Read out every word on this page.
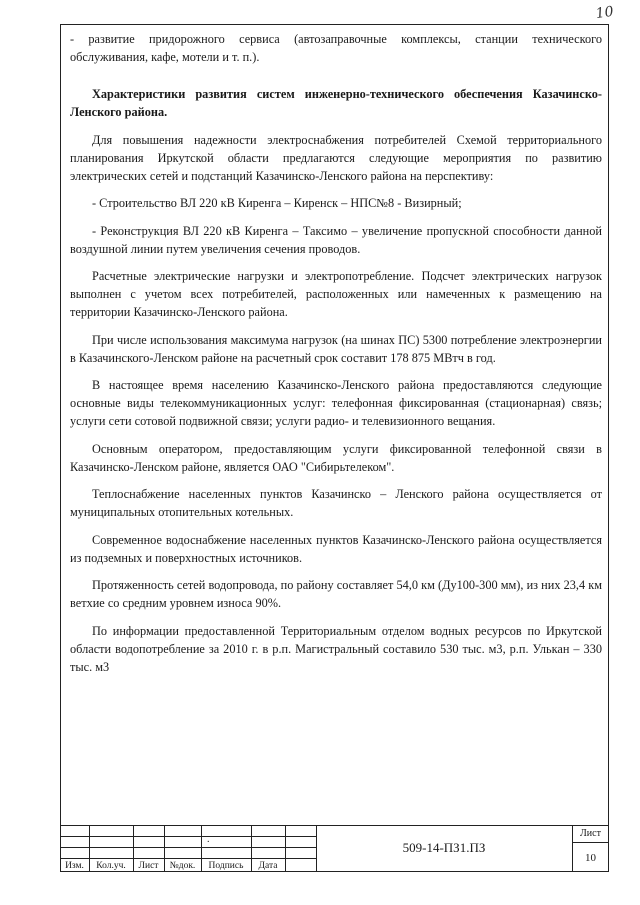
10

- развитие придорожного сервиса (автозаправочные комплексы, станции технического обслуживания, кафе, мотели и т. п.).

Характеристики развития систем инженерно-технического обеспечения Казачинско-Ленского района.

Для повышения надежности электроснабжения потребителей Схемой территориального планирования Иркутской области предлагаются следующие мероприятия по развитию электрических сетей и подстанций Казачинско-Ленского района на перспективу:

- Строительство ВЛ 220 кВ Киренга – Киренск – НПС№8 - Визирный;

- Реконструкция ВЛ 220 кВ Киренга – Таксимо – увеличение пропускной способности данной воздушной линии путем увеличения сечения проводов.

Расчетные электрические нагрузки и электропотребление. Подсчет электрических нагрузок выполнен с учетом всех потребителей, расположенных или намеченных к размещению на территории Казачинско-Ленского района.

При числе использования максимума нагрузок (на шинах ПС) 5300 потребление электроэнергии в Казачинского-Ленском районе на расчетный срок составит 178 875 МВтч в год.

В настоящее время населению Казачинско-Ленского района предоставляются следующие основные виды телекоммуникационных услуг: телефонная фиксированная (стационарная) связь; услуги сети сотовой подвижной связи; услуги радио- и телевизионного вещания.

Основным оператором, предоставляющим услуги фиксированной телефонной связи в Казачинско-Ленском районе, является ОАО "Сибирьтелеком".

Теплоснабжение населенных пунктов Казачинско – Ленского района осуществляется от муниципальных отопительных котельных.

Современное водоснабжение населенных пунктов Казачинско-Ленского района осуществляется из подземных и поверхностных источников.

Протяженность сетей водопровода, по району составляет 54,0 км (Ду100-300 мм), из них 23,4 км ветхие со средним уровнем износа 90%.

По информации предоставленной Территориальным отделом водных ресурсов по Иркутской области водопотребление за 2010 г. в р.п. Магистральный составило 530 тыс. м3, р.п. Улькан – 330 тыс. м3

.
Изм.	Кол.уч.	Лист	№док.	Подпись	Дата
509-14-ПЗ1.ПЗ
Лист
10
